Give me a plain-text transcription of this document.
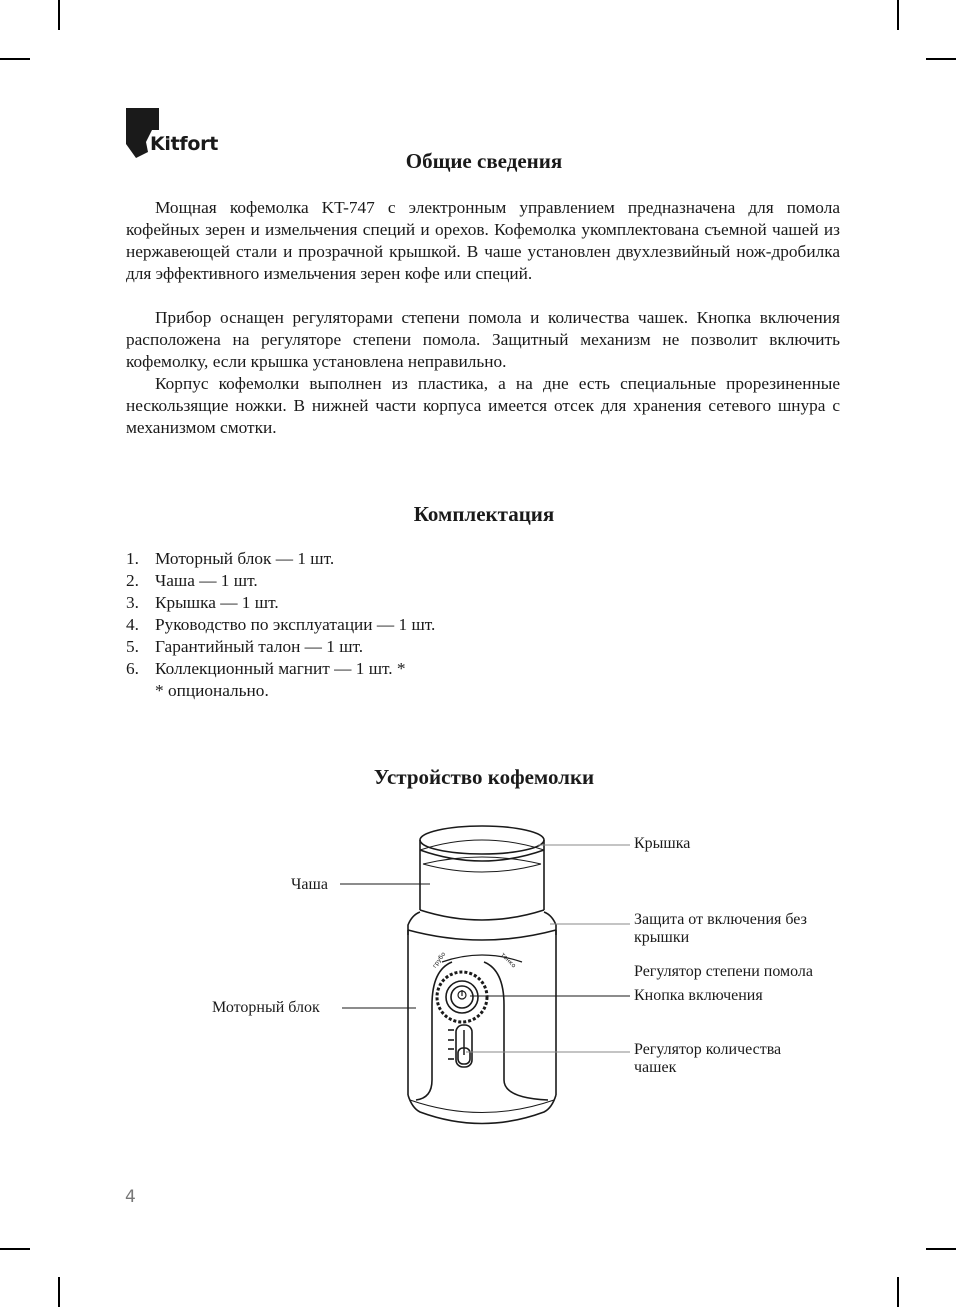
Kitfort
Общие сведения

Мощная кофемолка KT-747 с электронным управлением предназначена для помола кофейных зерен и измельчения специй и орехов. Кофемолка укомплектована съемной чашей из нержавеющей стали и прозрачной крышкой. В чаше установлен двухлезвийный нож-дробилка для эффективного измельчения зерен кофе или специй.

Прибор оснащен регуляторами степени помола и количества чашек. Кнопка включения расположена на регуляторе степени помола. Защитный механизм не позволит включить кофемолку, если крышка установлена неправильно.

Корпус кофемолки выполнен из пластика, а на дне есть специальные прорезиненные нескользящие ножки. В нижней части корпуса имеется отсек для хранения сетевого шнура с механизмом смотки.

Комплектация
1. Моторный блок — 1 шт.
2. Чаша — 1 шт.
3. Крышка — 1 шт.
4. Руководство по эксплуатации — 1 шт.
5. Гарантийный талон — 1 шт.
6. Коллекционный магнит — 1 шт. *
* опционально.
Устройство кофемолки
грубо	тонко
Чаша
Моторный блок
Крышка
Защита от включения без крышки
Регулятор степени помола
Кнопка включения
Регулятор количества чашек
4
